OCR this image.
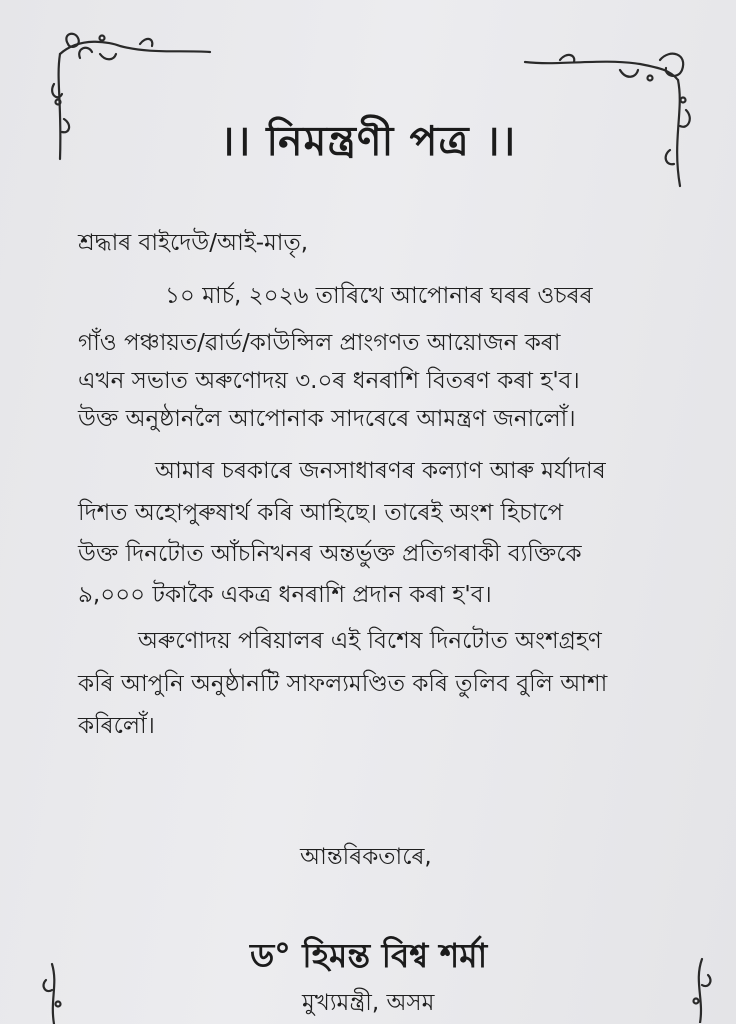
।। নিমন্ত্ৰণী পত্ৰ ।।
শ্ৰদ্ধাৰ বাইদেউ/আই-মাতৃ,
১০ মাৰ্চ, ২০২৬ তাৰিখে আপোনাৰ ঘৰৰ ওচৰৰ
গাঁও পঞ্চায়ত/ৱাৰ্ড/কাউন্সিল প্ৰাংগণত আয়োজন কৰা
এখন সভাত অৰুণোদয় ৩.০ৰ ধনৰাশি বিতৰণ কৰা হ'ব।
উক্ত অনুষ্ঠানলৈ আপোনাক সাদৰেৰে আমন্ত্ৰণ জনালোঁ।
আমাৰ চৰকাৰে জনসাধাৰণৰ কল্যাণ আৰু মৰ্যাদাৰ
দিশত অহোপুৰুষাৰ্থ কৰি আহিছে। তাৰেই অংশ হিচাপে
উক্ত দিনটোত আঁচনিখনৰ অন্তৰ্ভুক্ত প্ৰতিগৰাকী ব্যক্তিকে
৯,০০০ টকাকৈ একত্ৰ ধনৰাশি প্ৰদান কৰা হ'ব।
অৰুণোদয় পৰিয়ালৰ এই বিশেষ দিনটোত অংশগ্ৰহণ
কৰি আপুনি অনুষ্ঠানটি সাফল্যমণ্ডিত কৰি তুলিব বুলি আশা
কৰিলোঁ।
আন্তৰিকতাৰে,
ড° হিমন্ত বিশ্ব শৰ্মা
মুখ্যমন্ত্ৰী, অসম
